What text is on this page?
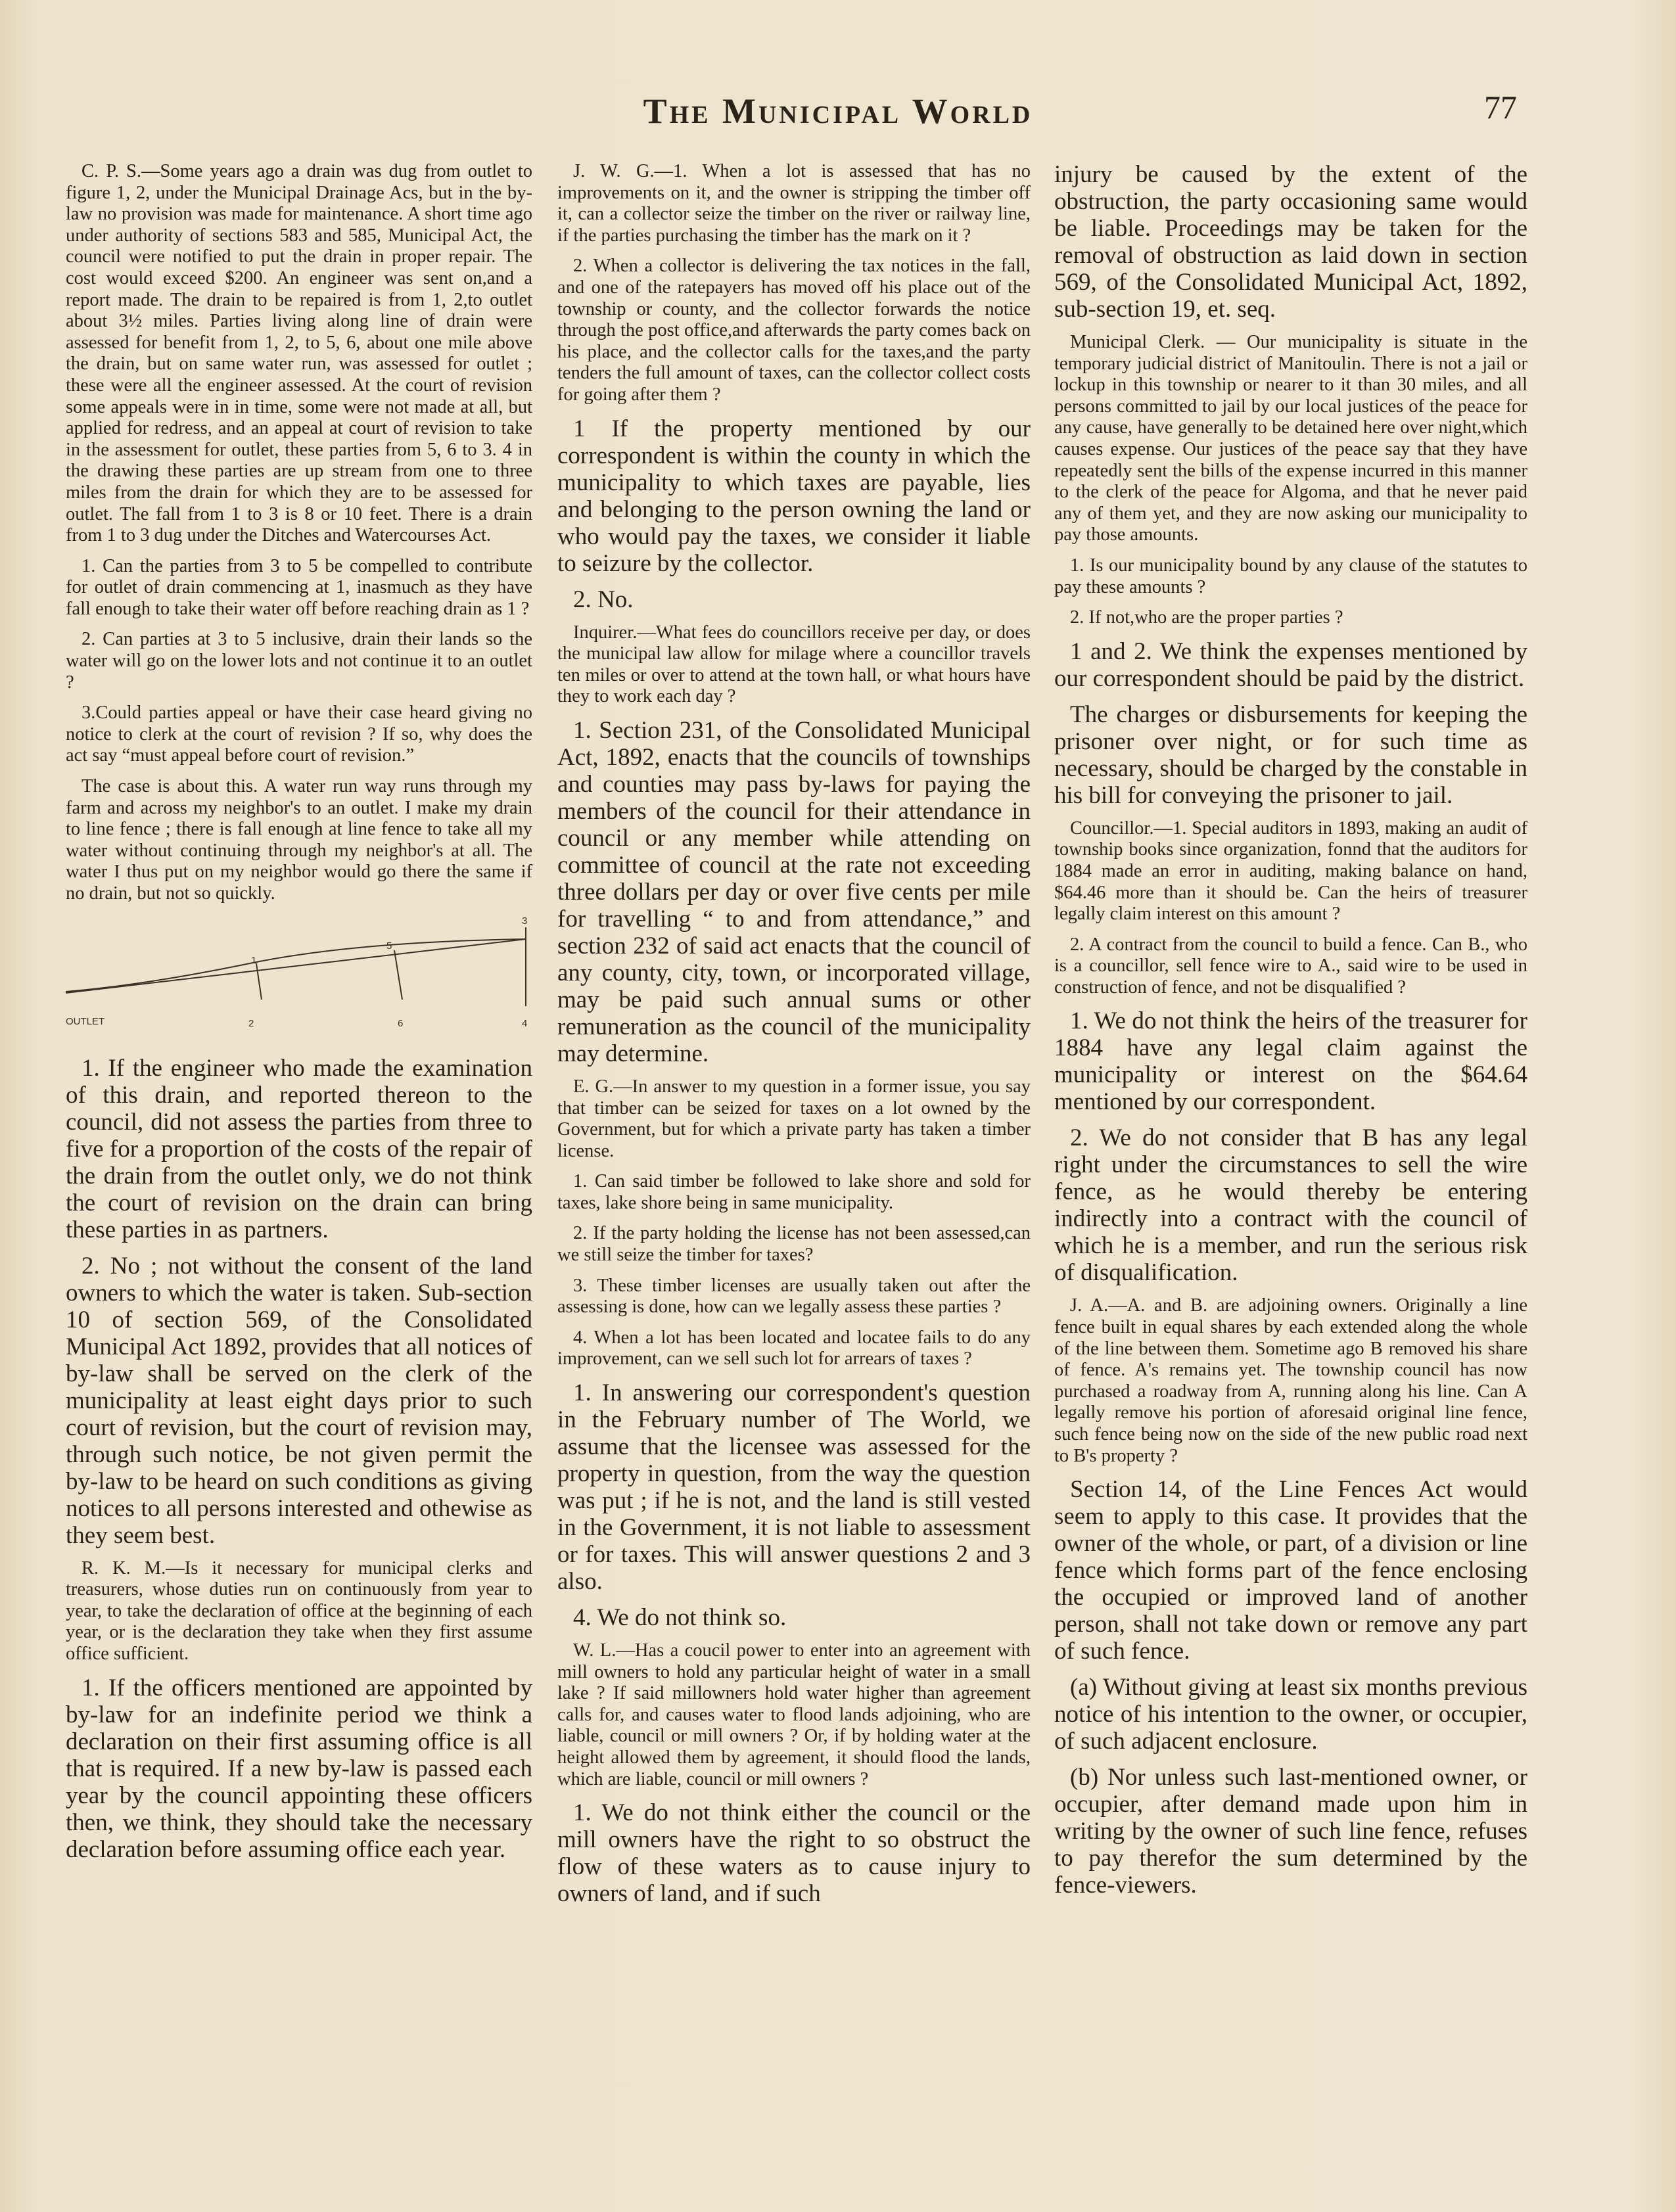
The Municipal World	77

C. P. S.—Some years ago a drain was dug from outlet to figure 1, 2, under the Municipal Drainage Acs, but in the by-law no provision was made for maintenance. A short time ago under authority of sections 583 and 585, Municipal Act, the council were notified to put the drain in proper repair. The cost would exceed $200. An engineer was sent on,and a report made. The drain to be repaired is from 1, 2,to outlet about 3½ miles. Parties living along line of drain were assessed for benefit from 1, 2, to 5, 6, about one mile above the drain, but on same water run, was assessed for outlet ; these were all the engineer assessed. At the court of revision some appeals were in in time, some were not made at all, but applied for redress, and an appeal at court of revision to take in the assessment for outlet, these parties from 5, 6 to 3. 4 in the drawing these parties are up stream from one to three miles from the drain for which they are to be assessed for outlet. The fall from 1 to 3 is 8 or 10 feet. There is a drain from 1 to 3 dug under the Ditches and Watercourses Act.

1. Can the parties from 3 to 5 be compelled to contribute for outlet of drain commencing at 1, inasmuch as they have fall enough to take their water off before reaching drain as 1 ?

2. Can parties at 3 to 5 inclusive, drain their lands so the water will go on the lower lots and not continue it to an outlet ?

3.Could parties appeal or have their case heard giving no notice to clerk at the court of revision ? If so, why does the act say “must appeal before court of revision.”

The case is about this. A water run way runs through my farm and across my neighbor's to an outlet. I make my drain to line fence ; there is fall enough at line fence to take all my water without continuing through my neighbor's at all. The water I thus put on my neighbor would go there the same if no drain, but not so quickly.

OUTLET	2	6	4
1
5
3

1. If the engineer who made the examination of this drain, and reported thereon to the council, did not assess the parties from three to five for a proportion of the costs of the repair of the drain from the outlet only, we do not think the court of revision on the drain can bring these parties in as partners.

2. No ; not without the consent of the land owners to which the water is taken. Sub-section 10 of section 569, of the Consolidated Municipal Act 1892, provides that all notices of by-law shall be served on the clerk of the municipality at least eight days prior to such court of revision, but the court of revision may, through such notice, be not given permit the by-law to be heard on such conditions as giving notices to all persons interested and othewise as they seem best.

R. K. M.—Is it necessary for municipal clerks and treasurers, whose duties run on continuously from year to year, to take the declaration of office at the beginning of each year, or is the declaration they take when they first assume office sufficient.

1. If the officers mentioned are appointed by by-law for an indefinite period we think a declaration on their first assuming office is all that is required. If a new by-law is passed each year by the council appointing these officers then, we think, they should take the necessary declaration before assuming office each year.

J. W. G.—1. When a lot is assessed that has no improvements on it, and the owner is stripping the timber off it, can a collector seize the timber on the river or railway line, if the parties purchasing the timber has the mark on it ?

2. When a collector is delivering the tax notices in the fall, and one of the ratepayers has moved off his place out of the township or county, and the collector forwards the notice through the post office,and afterwards the party comes back on his place, and the collector calls for the taxes,and the party tenders the full amount of taxes, can the collector collect costs for going after them ?

1 If the property mentioned by our correspondent is within the county in which the municipality to which taxes are payable, lies and belonging to the person owning the land or who would pay the taxes, we consider it liable to seizure by the collector.

2. No.

Inquirer.—What fees do councillors receive per day, or does the municipal law allow for milage where a councillor travels ten miles or over to attend at the town hall, or what hours have they to work each day ?

1. Section 231, of the Consolidated Municipal Act, 1892, enacts that the councils of townships and counties may pass by-laws for paying the members of the council for their attendance in council or any member while attending on committee of council at the rate not exceeding three dollars per day or over five cents per mile for travelling “ to and from attendance,” and section 232 of said act enacts that the council of any county, city, town, or incorporated village, may be paid such annual sums or other remuneration as the council of the municipality may determine.

E. G.—In answer to my question in a former issue, you say that timber can be seized for taxes on a lot owned by the Government, but for which a private party has taken a timber license.

1. Can said timber be followed to lake shore and sold for taxes, lake shore being in same municipality.

2. If the party holding the license has not been assessed,can we still seize the timber for taxes?

3. These timber licenses are usually taken out after the assessing is done, how can we legally assess these parties ?

4. When a lot has been located and locatee fails to do any improvement, can we sell such lot for arrears of taxes ?

1. In answering our correspondent's question in the February number of The World, we assume that the licensee was assessed for the property in question, from the way the question was put ; if he is not, and the land is still vested in the Government, it is not liable to assessment or for taxes. This will answer questions 2 and 3 also.

4. We do not think so.

W. L.—Has a coucil power to enter into an agreement with mill owners to hold any particular height of water in a small lake ? If said millowners hold water higher than agreement calls for, and causes water to flood lands adjoining, who are liable, council or mill owners ? Or, if by holding water at the height allowed them by agreement, it should flood the lands, which are liable, council or mill owners ?

1. We do not think either the council or the mill owners have the right to so obstruct the flow of these waters as to cause injury to owners of land, and if such

injury be caused by the extent of the obstruction, the party occasioning same would be liable. Proceedings may be taken for the removal of obstruction as laid down in section 569, of the Consolidated Municipal Act, 1892, sub-section 19, et. seq.

Municipal Clerk. — Our municipality is situate in the temporary judicial district of Manitoulin. There is not a jail or lockup in this township or nearer to it than 30 miles, and all persons committed to jail by our local justices of the peace for any cause, have generally to be detained here over night,which causes expense. Our justices of the peace say that they have repeatedly sent the bills of the expense incurred in this manner to the clerk of the peace for Algoma, and that he never paid any of them yet, and they are now asking our municipality to pay those amounts.

1. Is our municipality bound by any clause of the statutes to pay these amounts ?

2. If not,who are the proper parties ?

1 and 2. We think the expenses mentioned by our correspondent should be paid by the district.

The charges or disbursements for keeping the prisoner over night, or for such time as necessary, should be charged by the constable in his bill for conveying the prisoner to jail.

Councillor.—1. Special auditors in 1893, making an audit of township books since organization, fonnd that the auditors for 1884 made an error in auditing, making balance on hand, $64.46 more than it should be. Can the heirs of treasurer legally claim interest on this amount ?

2. A contract from the council to build a fence. Can B., who is a councillor, sell fence wire to A., said wire to be used in construction of fence, and not be disqualified ?

1. We do not think the heirs of the treasurer for 1884 have any legal claim against the municipality or interest on the $64.64 mentioned by our correspondent.

2. We do not consider that B has any legal right under the circumstances to sell the wire fence, as he would thereby be entering indirectly into a contract with the council of which he is a member, and run the serious risk of disqualification.

J. A.—A. and B. are adjoining owners. Originally a line fence built in equal shares by each extended along the whole of the line between them. Sometime ago B removed his share of fence. A's remains yet. The township council has now purchased a roadway from A, running along his line. Can A legally remove his portion of aforesaid original line fence, such fence being now on the side of the new public road next to B's property ?

Section 14, of the Line Fences Act would seem to apply to this case. It provides that the owner of the whole, or part, of a division or line fence which forms part of the fence enclosing the occupied or improved land of another person, shall not take down or remove any part of such fence.

(a) Without giving at least six months previous notice of his intention to the owner, or occupier, of such adjacent enclosure.

(b) Nor unless such last-mentioned owner, or occupier, after demand made upon him in writing by the owner of such line fence, refuses to pay therefor the sum determined by the fence-viewers.
